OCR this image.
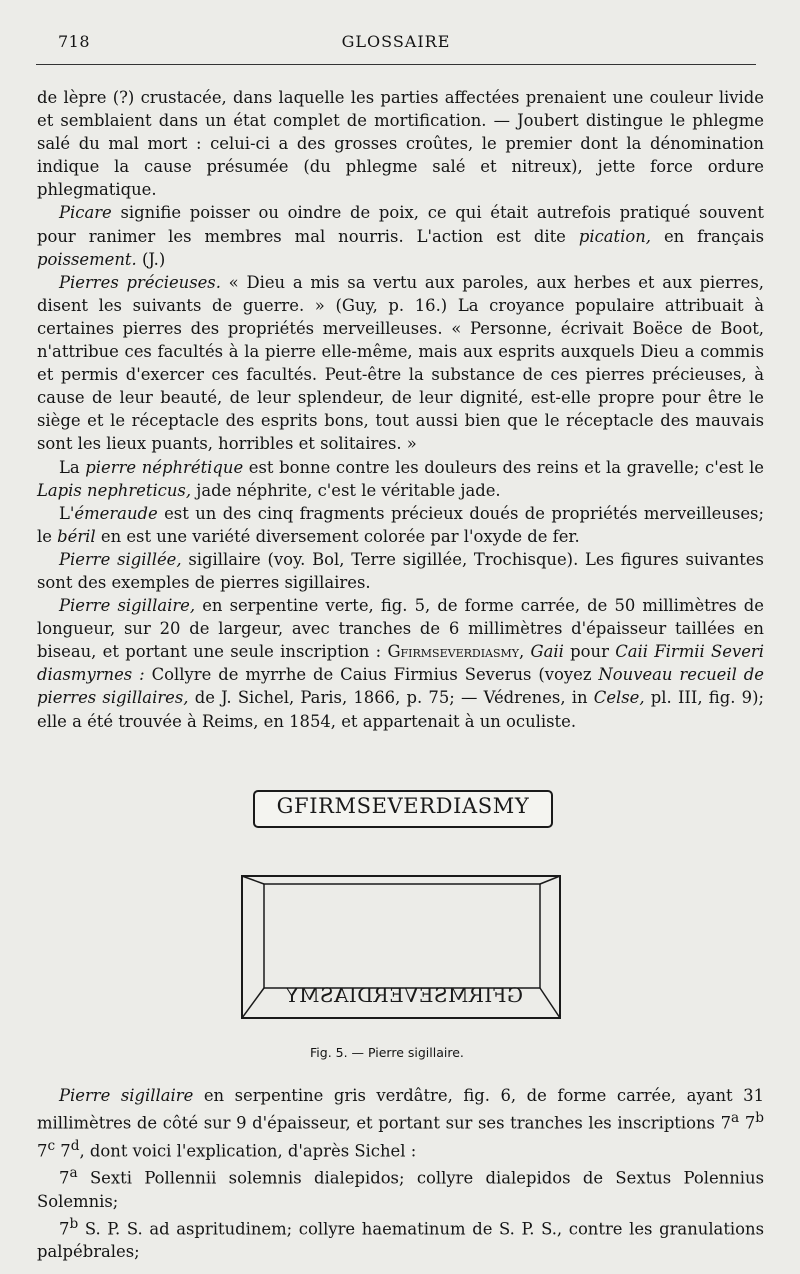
718	GLOSSAIRE

de lèpre (?) crustacée, dans laquelle les parties affectées prenaient une couleur livide et semblaient dans un état complet de mortification. — Joubert distingue le phlegme salé du mal mort : celui-ci a des grosses croûtes, le premier dont la dénomination indique la cause présumée (du phlegme salé et nitreux), jette force ordure phlegmatique.

Picare signifie poisser ou oindre de poix, ce qui était autrefois pratiqué souvent pour ranimer les membres mal nourris. L'action est dite pication, en français poissement. (J.)

Pierres précieuses. « Dieu a mis sa vertu aux paroles, aux herbes et aux pierres, disent les suivants de guerre. » (Guy, p. 16.) La croyance populaire attribuait à certaines pierres des propriétés merveilleuses. « Personne, écrivait Boëce de Boot, n'attribue ces facultés à la pierre elle-même, mais aux esprits auxquels Dieu a commis et permis d'exercer ces facultés. Peut-être la substance de ces pierres précieuses, à cause de leur beauté, de leur splendeur, de leur dignité, est-elle propre pour être le siège et le réceptacle des esprits bons, tout aussi bien que le réceptacle des mauvais sont les lieux puants, horribles et solitaires. »

La pierre néphrétique est bonne contre les douleurs des reins et la gravelle; c'est le Lapis nephreticus, jade néphrite, c'est le véritable jade.

L'émeraude est un des cinq fragments précieux doués de propriétés merveilleuses; le béril en est une variété diversement colorée par l'oxyde de fer.

Pierre sigillée, sigillaire (voy. Bol, Terre sigillée, Trochisque). Les figures suivantes sont des exemples de pierres sigillaires.

Pierre sigillaire, en serpentine verte, fig. 5, de forme carrée, de 50 millimètres de longueur, sur 20 de largeur, avec tranches de 6 millimètres d'épaisseur taillées en biseau, et portant une seule inscription : Gfirmseverdiasmy, Gaii pour Caii Firmii Severi diasmyrnes : Collyre de myrrhe de Caius Firmius Severus (voyez Nouveau recueil de pierres sigillaires, de J. Sichel, Paris, 1866, p. 75; — Védrenes, in Celse, pl. III, fig. 9); elle a été trouvée à Reims, en 1854, et appartenait à un oculiste.

GFIRMSEVERDIASMY
GFIRMSEVERDIASMY
Fig. 5. — Pierre sigillaire.

Pierre sigillaire en serpentine gris verdâtre, fig. 6, de forme carrée, ayant 31 millimètres de côté sur 9 d'épaisseur, et portant sur ses tranches les inscriptions 7$^a$ 7$^b$ 7$^c$ 7$^d$, dont voici l'explication, d'après Sichel :

7$^a$ Sexti Pollennii solemnis dialepidos; collyre dialepidos de Sextus Polennius Solemnis;

7$^b$ S. P. S. ad aspritudinem; collyre haematinum de S. P. S., contre les granulations palpébrales;
